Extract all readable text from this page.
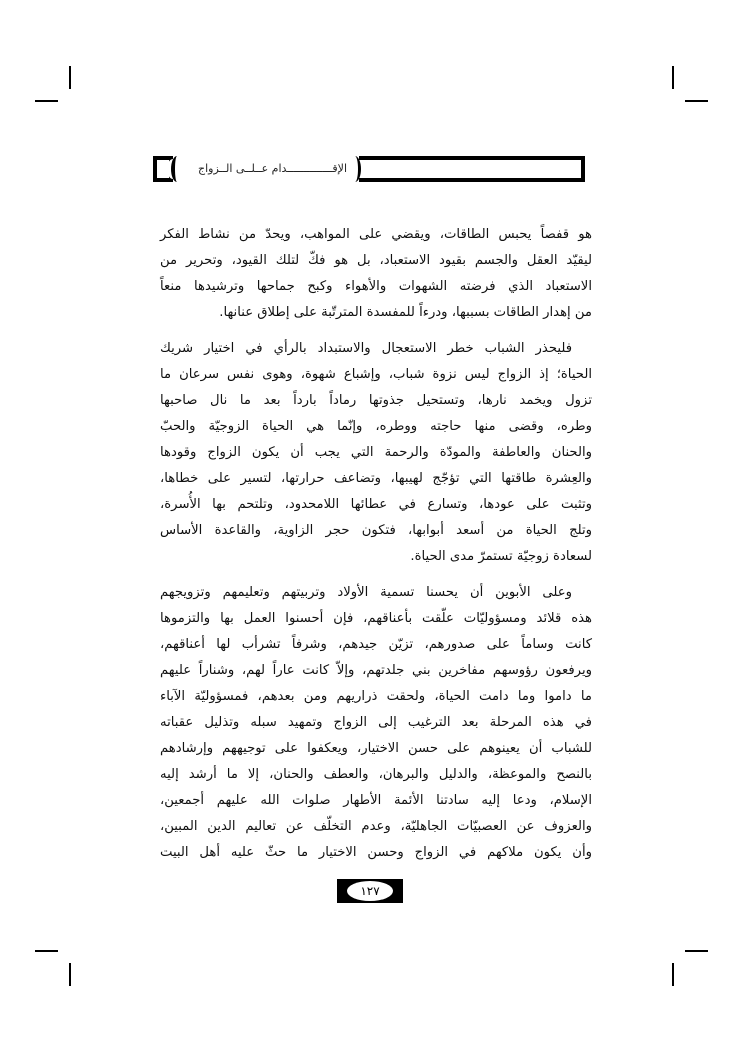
الإقــــــــــــــدام عــلــى الــزواج

هو قفصاً يحبس الطاقات، ويقضي على المواهب، ويحدّ من نشاط الفكر
ليقيّد العقل والجسم بقيود الاستعباد، بل هو فكّ لتلك القيود، وتحرير من
الاستعباد الذي فرضته الشهوات والأهواء وكبح جماحها وترشيدها منعاً
من إهدار الطاقات بسببها، ودرءاً للمفسدة المترتّبة على إطلاق عنانها.

فليحذر الشباب خطر الاستعجال والاستبداد بالرأي في اختيار شريك
الحياة؛ إذ الزواج ليس نزوة شباب، وإشباع شهوة، وهوى نفس سرعان ما
تزول ويخمد نارها، وتستحيل جذوتها رماداً بارداً بعد ما نال صاحبها
وطره، وقضى منها حاجته ووطره، وإنّما هي الحياة الزوجيّة والحبّ
والحنان والعاطفة والمودّة والرحمة التي يجب أن يكون الزواج وقودها
والعِشرة طاقتها التي تؤجّج لهيبها، وتضاعف حرارتها، لتسير على خطاها،
وتثبت على عودها، وتسارع في عطائها اللامحدود، وتلتحم بها الأُسرة،
وتلج الحياة من أسعد أبوابها، فتكون حجر الزاوية، والقاعدة الأساس
لسعادة زوجيّة تستمرّ مدى الحياة.

وعلى الأبوين أن يحسنا تسمية الأولاد وتربيتهم وتعليمهم وتزويجهم
هذه قلائد ومسؤوليّات علّقت بأعناقهم، فإن أحسنوا العمل بها والتزموها
كانت وساماً على صدورهم، تزيّن جيدهم، وشرفاً تشرأب لها أعناقهم،
ويرفعون رؤوسهم مفاخرين بني جلدتهم، وإلاّ كانت عاراً لهم، وشناراً عليهم
ما داموا وما دامت الحياة، ولحقت ذراريهم ومن بعدهم، فمسؤوليّة الآباء
في هذه المرحلة بعد الترغيب إلى الزواج وتمهيد سبله وتذليل عقباته
للشباب أن يعينوهم على حسن الاختيار، ويعكفوا على توجيههم وإرشادهم
بالنصح والموعظة، والدليل والبرهان، والعطف والحنان، إلا ما أرشد إليه
الإسلام، ودعا إليه سادتنا الأئمة الأطهار صلوات الله عليهم أجمعين،
والعزوف عن العصبيّات الجاهليّة، وعدم التخلّف عن تعاليم الدين المبين،
وأن يكون ملاكهم في الزواج وحسن الاختيار ما حثّ عليه أهل البيت

١٢٧
